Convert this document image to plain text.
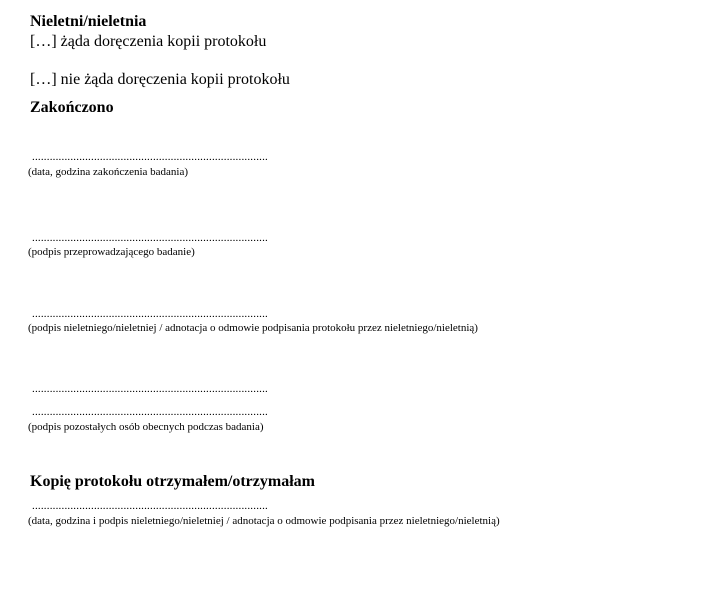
Nieletni/nieletnia
[…] żąda doręczenia kopii protokołu
[…] nie żąda doręczenia kopii protokołu
Zakończono
................................................................................
(data, godzina zakończenia badania)
................................................................................
(podpis przeprowadzającego badanie)
................................................................................
(podpis nieletniego/nieletniej / adnotacja o odmowie podpisania protokołu przez nieletniego/nieletnią)
................................................................................
................................................................................
(podpis pozostałych osób obecnych podczas badania)
Kopię protokołu otrzymałem/otrzymałam
................................................................................
(data, godzina i podpis nieletniego/nieletniej / adnotacja o odmowie podpisania przez nieletniego/nieletnią)
